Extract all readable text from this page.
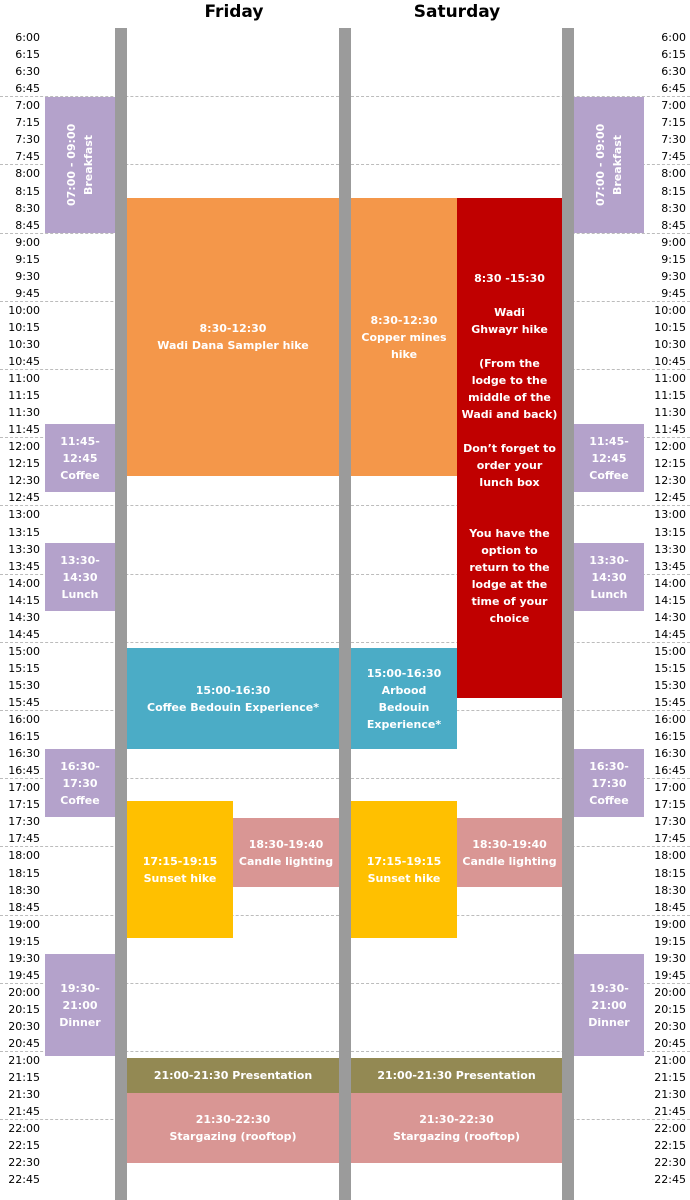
Friday	Saturday
07:00 - 09:00 Breakfast
11:45-12:45
Coffee
13:30-14:30
Lunch
16:30-17:30
Coffee
19:30-21:00
Dinner
07:00 - 09:00 Breakfast
11:45-12:45
Coffee
13:30-14:30
Lunch
16:30-17:30
Coffee
19:30-21:00
Dinner
8:30-12:30
Wadi Dana Sampler hike
15:00-16:30
Coffee Bedouin Experience*
17:15-19:15
Sunset hike
18:30-19:40
Candle lighting
21:00-21:30 Presentation
21:30-22:30
Stargazing (rooftop)
8:30-12:30
Copper mines hike
8:30 -15:30
Wadi
Ghwayr hike
(From the lodge to the middle of the Wadi and back)
Don’t forget to order your lunch box
You have the option to return to the lodge at the time of your choice
15:00-16:30
Arbood Bedouin Experience*
17:15-19:15
Sunset hike
18:30-19:40
Candle lighting
21:00-21:30 Presentation
21:30-22:30
Stargazing (rooftop)
6:00
6:15
6:30
6:45
7:00
7:15
7:30
7:45
8:00
8:15
8:30
8:45
9:00
9:15
9:30
9:45
10:00
10:15
10:30
10:45
11:00
11:15
11:30
11:45
12:00
12:15
12:30
12:45
13:00
13:15
13:30
13:45
14:00
14:15
14:30
14:45
15:00
15:15
15:30
15:45
16:00
16:15
16:30
16:45
17:00
17:15
17:30
17:45
18:00
18:15
18:30
18:45
19:00
19:15
19:30
19:45
20:00
20:15
20:30
20:45
21:00
21:15
21:30
21:45
22:00
22:15
22:30
22:45
6:00
6:15
6:30
6:45
7:00
7:15
7:30
7:45
8:00
8:15
8:30
8:45
9:00
9:15
9:30
9:45
10:00
10:15
10:30
10:45
11:00
11:15
11:30
11:45
12:00
12:15
12:30
12:45
13:00
13:15
13:30
13:45
14:00
14:15
14:30
14:45
15:00
15:15
15:30
15:45
16:00
16:15
16:30
16:45
17:00
17:15
17:30
17:45
18:00
18:15
18:30
18:45
19:00
19:15
19:30
19:45
20:00
20:15
20:30
20:45
21:00
21:15
21:30
21:45
22:00
22:15
22:30
22:45
